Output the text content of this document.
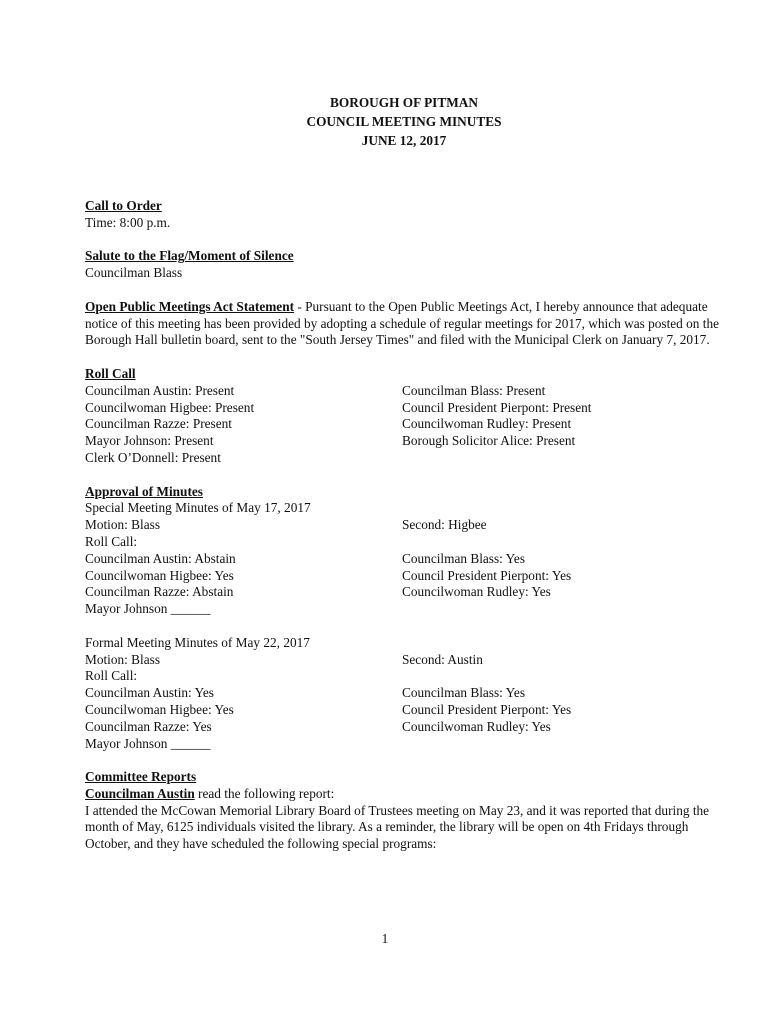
BOROUGH OF PITMAN
COUNCIL MEETING MINUTES
JUNE 12, 2017
Call to Order
Time: 8:00 p.m.
Salute to the Flag/Moment of Silence
Councilman Blass

Open Public Meetings Act Statement - Pursuant to the Open Public Meetings Act, I hereby announce that adequate notice of this meeting has been provided by adopting a schedule of regular meetings for 2017, which was posted on the Borough Hall bulletin board, sent to the "South Jersey Times" and filed with the Municipal Clerk on January 7, 2017.

Roll Call
Councilman Austin: Present	Councilman Blass: Present
Councilwoman Higbee: Present	Council President Pierpont: Present
Councilman Razze: Present	Councilwoman Rudley: Present
Mayor Johnson: Present	Borough Solicitor Alice: Present
Clerk O’Donnell: Present
Approval of Minutes
Special Meeting Minutes of May 17, 2017
Motion: Blass	Second: Higbee
Roll Call:
Councilman Austin: Abstain	Councilman Blass: Yes
Councilwoman Higbee: Yes	Council President Pierpont: Yes
Councilman Razze: Abstain	Councilwoman Rudley: Yes
Mayor Johnson ______
Formal Meeting Minutes of May 22, 2017
Motion: Blass	Second: Austin
Roll Call:
Councilman Austin: Yes	Councilman Blass: Yes
Councilwoman Higbee: Yes	Council President Pierpont: Yes
Councilman Razze: Yes	Councilwoman Rudley: Yes
Mayor Johnson ______
Committee Reports
Councilman Austin read the following report:

I attended the McCowan Memorial Library Board of Trustees meeting on May 23, and it was reported that during the month of May, 6125 individuals visited the library. As a reminder, the library will be open on 4th Fridays through October, and they have scheduled the following special programs:

1
